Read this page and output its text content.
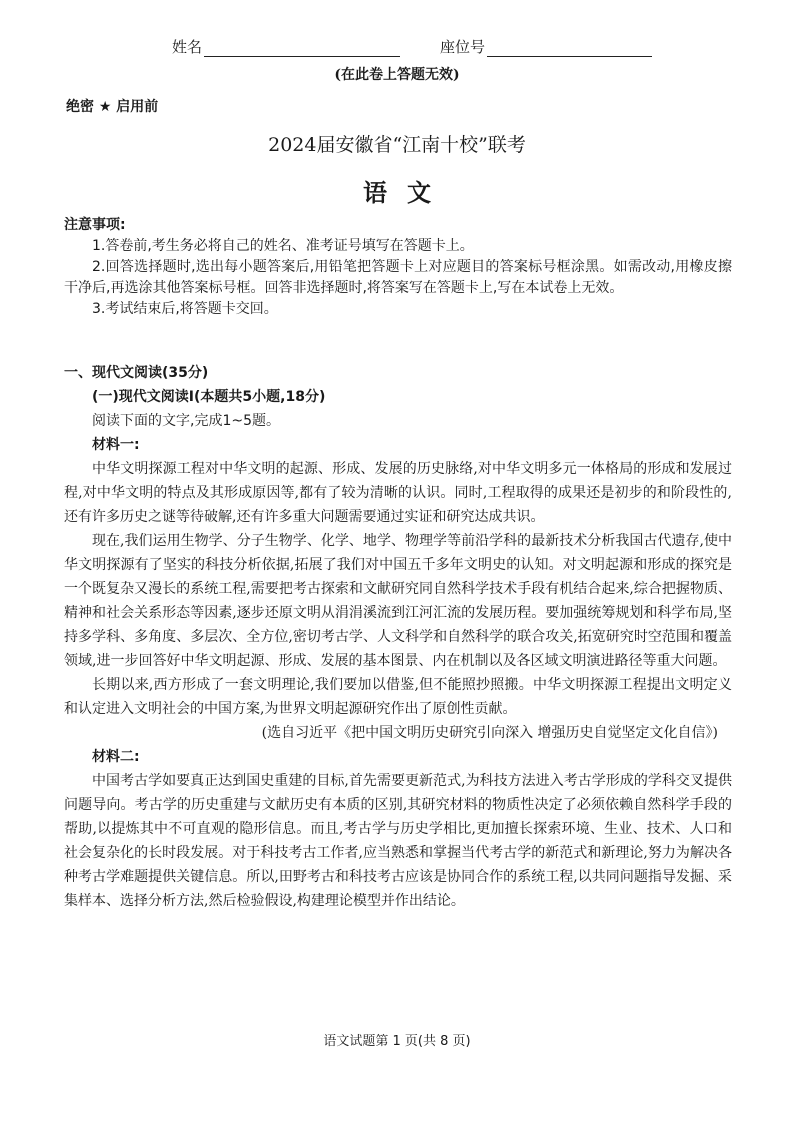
姓名	座位号
(在此卷上答题无效)
绝密 ★ 启用前
2024届安徽省“江南十校”联考
语文
注意事项:

1.答卷前,考生务必将自己的姓名、准考证号填写在答题卡上。

2.回答选择题时,选出每小题答案后,用铅笔把答题卡上对应题目的答案标号框涂黑。如需改动,用橡皮擦干净后,再选涂其他答案标号框。回答非选择题时,将答案写在答题卡上,写在本试卷上无效。

3.考试结束后,将答题卡交回。

一、现代文阅读(35分)

(一)现代文阅读Ⅰ(本题共5小题,18分)

阅读下面的文字,完成1~5题。

材料一:

中华文明探源工程对中华文明的起源、形成、发展的历史脉络,对中华文明多元一体格局的形成和发展过程,对中华文明的特点及其形成原因等,都有了较为清晰的认识。同时,工程取得的成果还是初步的和阶段性的,还有许多历史之谜等待破解,还有许多重大问题需要通过实证和研究达成共识。

现在,我们运用生物学、分子生物学、化学、地学、物理学等前沿学科的最新技术分析我国古代遗存,使中华文明探源有了坚实的科技分析依据,拓展了我们对中国五千多年文明史的认知。对文明起源和形成的探究是一个既复杂又漫长的系统工程,需要把考古探索和文献研究同自然科学技术手段有机结合起来,综合把握物质、精神和社会关系形态等因素,逐步还原文明从涓涓溪流到江河汇流的发展历程。要加强统筹规划和科学布局,坚持多学科、多角度、多层次、全方位,密切考古学、人文科学和自然科学的联合攻关,拓宽研究时空范围和覆盖领域,进一步回答好中华文明起源、形成、发展的基本图景、内在机制以及各区域文明演进路径等重大问题。

长期以来,西方形成了一套文明理论,我们要加以借鉴,但不能照抄照搬。中华文明探源工程提出文明定义和认定进入文明社会的中国方案,为世界文明起源研究作出了原创性贡献。

(选自习近平《把中国文明历史研究引向深入 增强历史自觉坚定文化自信》)

材料二:

中国考古学如要真正达到国史重建的目标,首先需要更新范式,为科技方法进入考古学形成的学科交叉提供问题导向。考古学的历史重建与文献历史有本质的区别,其研究材料的物质性决定了必须依赖自然科学手段的帮助,以提炼其中不可直观的隐形信息。而且,考古学与历史学相比,更加擅长探索环境、生业、技术、人口和社会复杂化的长时段发展。对于科技考古工作者,应当熟悉和掌握当代考古学的新范式和新理论,努力为解决各种考古学难题提供关键信息。所以,田野考古和科技考古应该是协同合作的系统工程,以共同问题指导发掘、采集样本、选择分析方法,然后检验假设,构建理论模型并作出结论。

语文试题第 1 页(共 8 页)
